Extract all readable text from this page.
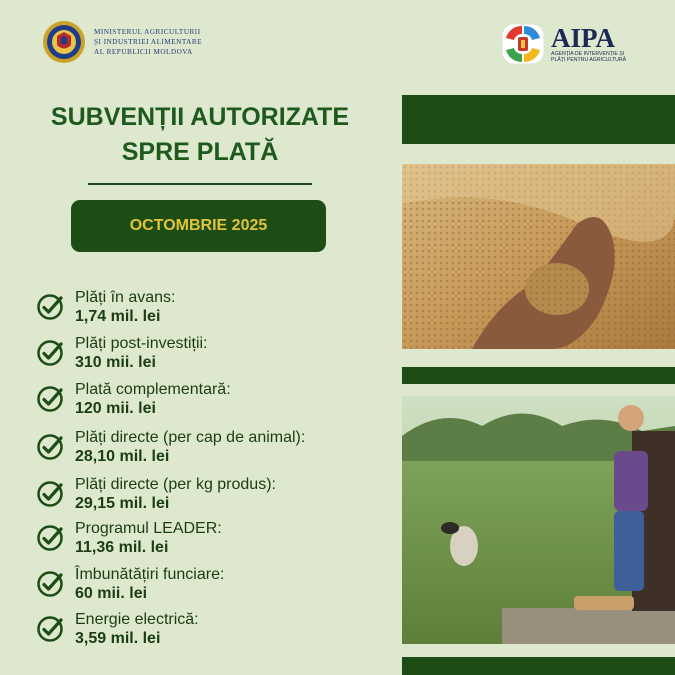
MINISTERUL AGRICULTURII
ȘI INDUSTRIEI ALIMENTARE
AL REPUBLICII MOLDOVA	AIPA
AGENȚIA DE INTERVENȚIE ȘI PLĂȚI PENTRU AGRICULTURĂ
SUBVENȚII AUTORIZATE
SPRE PLATĂ
OCTOMBRIE 2025
Plăți în avans:
1,74 mil. lei
Plăți post-investiții:
310 mii. lei
Plată complementară:
120 mii. lei
Plăți directe (per cap de animal):
28,10 mil. lei
Plăți directe (per kg produs):
29,15 mil. lei
Programul LEADER:
11,36 mil. lei
Îmbunătățiri funciare:
60 mii. lei
Energie electrică:
3,59 mil. lei
